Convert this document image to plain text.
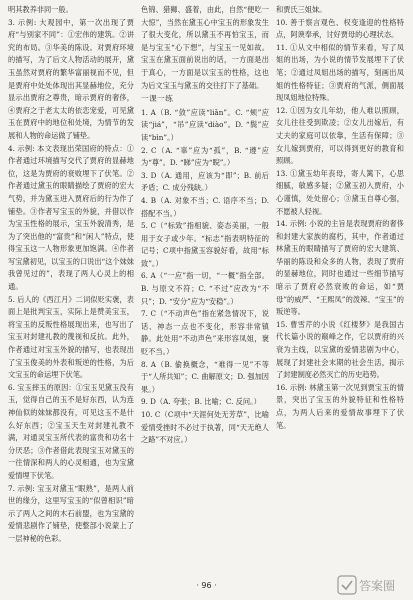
明其教养非同一般。

3. 示例: 大观园中，第一次出现了贾府“与别家不同”：①宏伟的建筑。②讲究的布局。③华美的陈设。对贾府环境的描写，为了后文人物活动的展开，黛玉虽然对贾府的繁华富丽视而不见，但是贾府中处处体现出其显赫地位，充分显示出贾府之尊贵，暗示贾府的奢侈，④贾府之于老太太的依恋宠爱，可见黛玉在贾府中的地位和处境，为情节的发展和人物的命运做了铺垫。

4. 示例: 本文表现出荣国府的特点：①作者通过环境描写交代了贾府的显赫地位，这是为贾府的衰败埋下了伏笔。②作者通过黛玉的眼睛描绘了贾府的宏大气势，并为黛玉进入贾府后的行为作了铺垫。③作者写宝玉的外貌，并借以作为宝玉性格的展示，宝玉外貌清秀，是为了突出他的“富贵”和“闲人”特点，使得宝玉这一人物形象更加饱满。④作者写宝黛初见，以宝玉的口说出“这个妹妹我曾见过的”，表现了两人心灵上的相通。

5. 后人的《西江月》二词似贬实褒，表面上是批判宝玉，实际上是赞美宝玉，将宝玉的反叛性格展现出来，也写出了宝玉对封建礼教的蔑视和反抗。此外，作者通过对宝玉外貌的描写，也表现出了宝玉俊美的外表和叛逆的性格，为后文宝玉的命运埋下伏笔。

6. 宝玉摔玉的原因：①宝玉见黛玉没有玉，觉得自己的玉不是好东西，认为连神仙似的妹妹都没有，可见这玉不是什么好东西；②宝玉天生对封建礼教不满，对通灵宝玉所代表的富贵和功名十分厌恶；③作者借此表现宝玉对黛玉的一往情深和两人的心灵相通，也为宝黛爱情埋下伏笔。

7. 示例: 宝玉对黛玉“眼熟”，是两人前世的缘分，这里写宝玉的“似曾相识”暗示了两人之间的木石前盟，也为宝黛的爱情悲剧作了铺垫，使整部小说蒙上了一层神秘的色彩。

色锦、猎狮、盛着，由此，自然“便吃一大惊”，当然在黛玉心中宝玉的形象发生了很大变化，所以黛玉不再怕宝玉，而是与宝玉“心下想”，与宝玉一见如故。宝玉在黛玉面前说出的话，一方面是出于真心，一方面是以宝玉的性格，这也为后文宝玉与黛玉的交往打下了基础。

一课一练

1. A（B. “敛”应读“liǎn”。C. “颊”应读“jiá”，“吊”应读“diào”。D. “鬓”应读“bìn”。）

2. C（A. “辜”应为“孤”，B. “遵”应为“尊”。D. “睇”应为“睨”。）

3. D（A. 通用，应该为“即”；B. 前后矛盾；C. 成分残缺。）

4. B（A. 对象不当；C. 语序不当；D. 搭配不当。）

5. C（“标致”指相貌、姿态美丽，一般用于女子或少年。“标志”指表明特征的记号；C项中指黛玉容貌好看，故用“标致”。）

6. A（“一应”指一切，“一概”指全部。B. 与原文不符；C. “不过”应改为“不只”；D. “安分”应为“安稳”。）

7. C（“不动声色”指在紧急情况下，说话、神态一点也不变化，形容非常镇静。此处用“不动声色”来形容凤姐，褒贬不当。）

8. A（B. 偷换概念，“难得一见”不等于“人所共知”；C. 曲解原文；D. 强加因果。）

9. D（A. 夸张；B. 比喻；C. 反问。）

10. C（C项中“天涯何处无芳草”，比喻爱情受挫时不必过于执著，同“天无绝人之路”不对应。）

和贾氏三姐妹。

10. 善于察言观色、权变逢迎的性格特点，阿谀奉承，讨好贾母的心理状态。

11. ①从文中相似的情节来看，写了凤姐的出场，为小说的情节发展埋下了伏笔；②通过凤姐出场的描写，刻画出凤姐的性格特征；③贾府的气派，侧面展现凤姐地位特殊。

12. ①因为女儿年幼，他人难以照顾，女儿往往受到欺凌；②女儿出嫁后，有丈夫的家庭可以依靠，生活有保障；③女儿嫁到贾府，可以得到更好的教育和照顾。

13. ①黛玉幼年丧母，寄人篱下，心思细腻，敏感多疑；②黛玉初入贾府，小心谨慎，处处留心；③黛玉自尊心强，不愿被人轻视。

14. 示例: 小说的主旨是表现贾府的奢侈和封建大家族的腐朽，其中，作者通过林黛玉的眼睛描写了贾府的宏大建筑、华丽的陈设和众多的人物，表现了贾府的显赫地位，同时也通过一些细节描写暗示了贾府必然衰败的命运，如“贾母”的威严、“王熙凤”的泼辣、“宝玉”的叛逆等。

15. 曹雪芹的小说《红楼梦》是我国古代长篇小说的巅峰之作，它以贾府的兴衰为主线，以宝黛的爱情悲剧为中心，展现了封建社会末期的社会生活，揭示了封建制度必然灭亡的历史趋势。

16. 示例: 林黛玉第一次见到贾宝玉的情景，突出了宝玉的外貌特征和性格特点，为两人后来的爱情故事埋下了伏笔。

· 96 ·	答案圈
